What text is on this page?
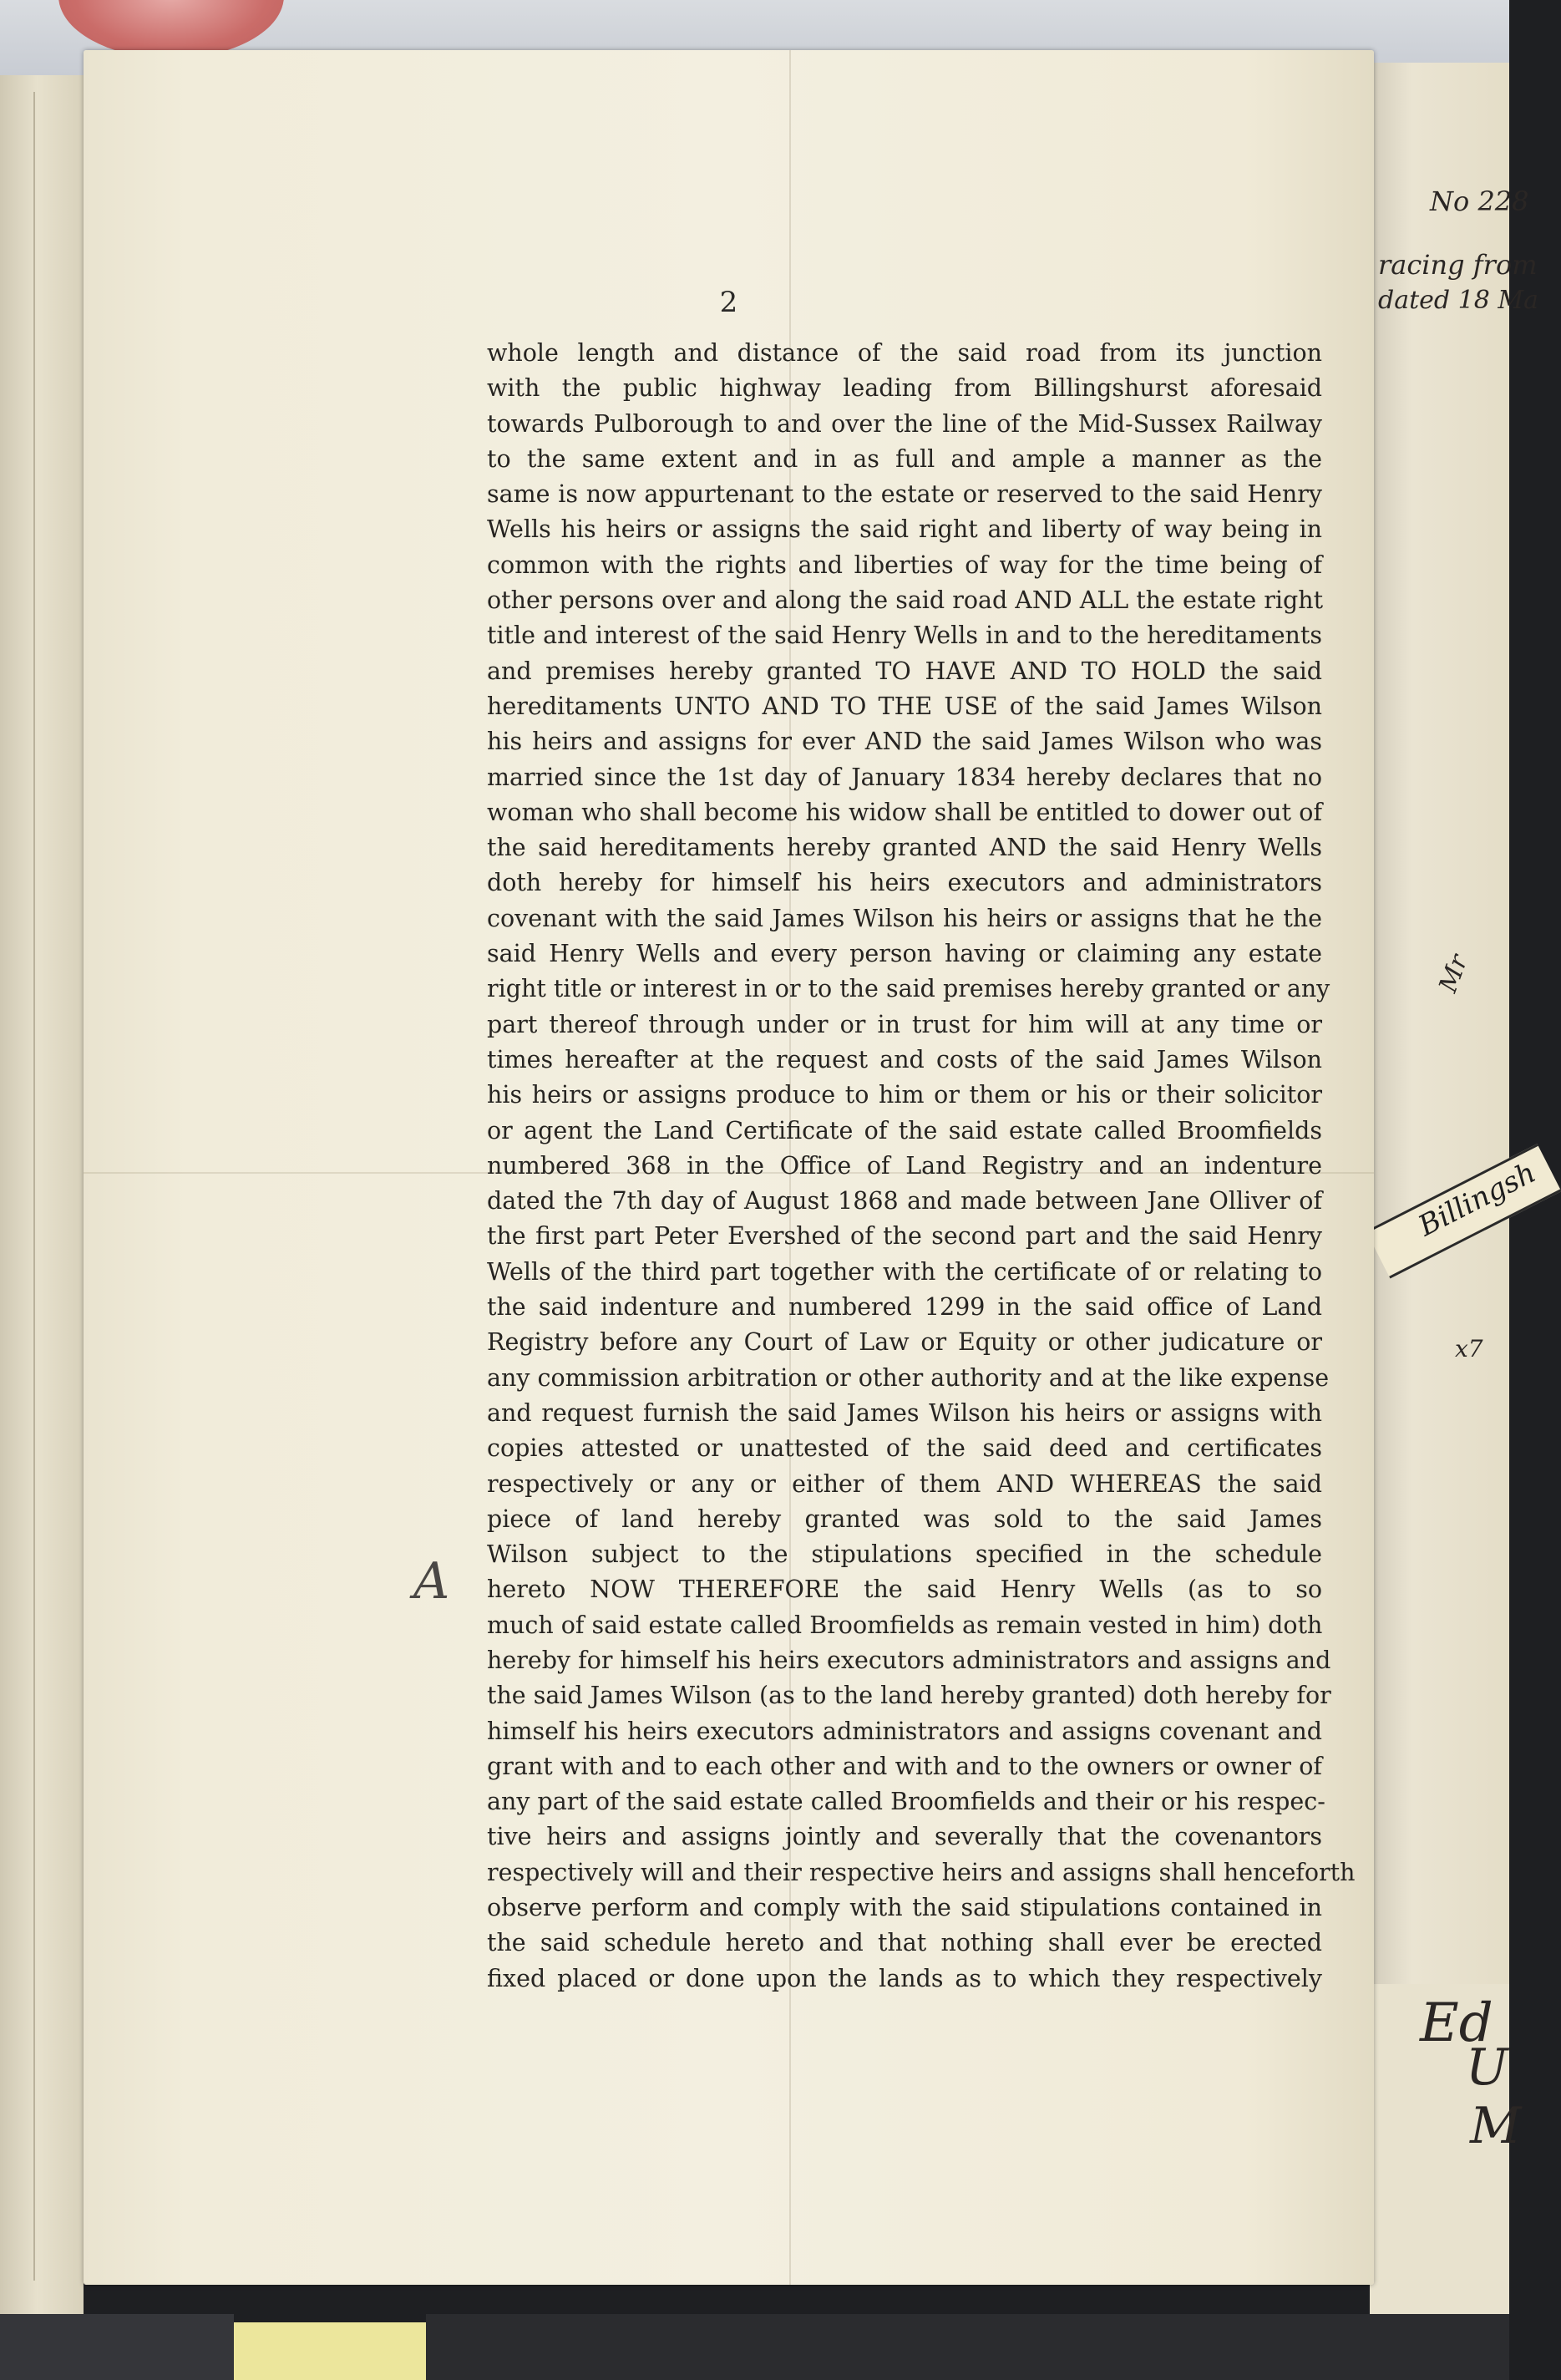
No 228
racing from
dated 18 Ma
Mr
Billingsh
x7
Ed
U
M
2
whole length and distance of the said road from its junction
with the public highway leading from Billingshurst aforesaid
towards Pulborough to and over the line of the Mid-Sussex Railway
to the same extent and in as full and ample a manner as the
same is now appurtenant to the estate or reserved to the said Henry
Wells his heirs or assigns the said right and liberty of way being in
common with the rights and liberties of way for the time being of
other persons over and along the said road AND ALL the estate right
title and interest of the said Henry Wells in and to the hereditaments
and premises hereby granted TO HAVE AND TO HOLD the said
hereditaments UNTO AND TO THE USE of the said James Wilson
his heirs and assigns for ever AND the said James Wilson who was
married since the 1st day of January 1834 hereby declares that no
woman who shall become his widow shall be entitled to dower out of
the said hereditaments hereby granted AND the said Henry Wells
doth hereby for himself his heirs executors and administrators
covenant with the said James Wilson his heirs or assigns that he the
said Henry Wells and every person having or claiming any estate
right title or interest in or to the said premises hereby granted or any
part thereof through under or in trust for him will at any time or
times hereafter at the request and costs of the said James Wilson
his heirs or assigns produce to him or them or his or their solicitor
or agent the Land Certificate of the said estate called Broomfields
numbered 368 in the Office of Land Registry and an indenture
dated the 7th day of August 1868 and made between Jane Olliver of
the first part Peter Evershed of the second part and the said Henry
Wells of the third part together with the certificate of or relating to
the said indenture and numbered 1299 in the said office of Land
Registry before any Court of Law or Equity or other judicature or
any commission arbitration or other authority and at the like expense
and request furnish the said James Wilson his heirs or assigns with
copies attested or unattested of the said deed and certificates
respectively or any or either of them AND WHEREAS the said
piece of land hereby granted was sold to the said James
Wilson subject to the stipulations specified in the schedule
hereto NOW THEREFORE the said Henry Wells (as to so
much of said estate called Broomfields as remain vested in him) doth
hereby for himself his heirs executors administrators and assigns and
the said James Wilson (as to the land hereby granted) doth hereby for
himself his heirs executors administrators and assigns covenant and
grant with and to each other and with and to the owners or owner of
any part of the said estate called Broomfields and their or his respec-
tive heirs and assigns jointly and severally that the covenantors
respectively will and their respective heirs and assigns shall henceforth
observe perform and comply with the said stipulations contained in
the said schedule hereto and that nothing shall ever be erected
fixed placed or done upon the lands as to which they respectively
A
